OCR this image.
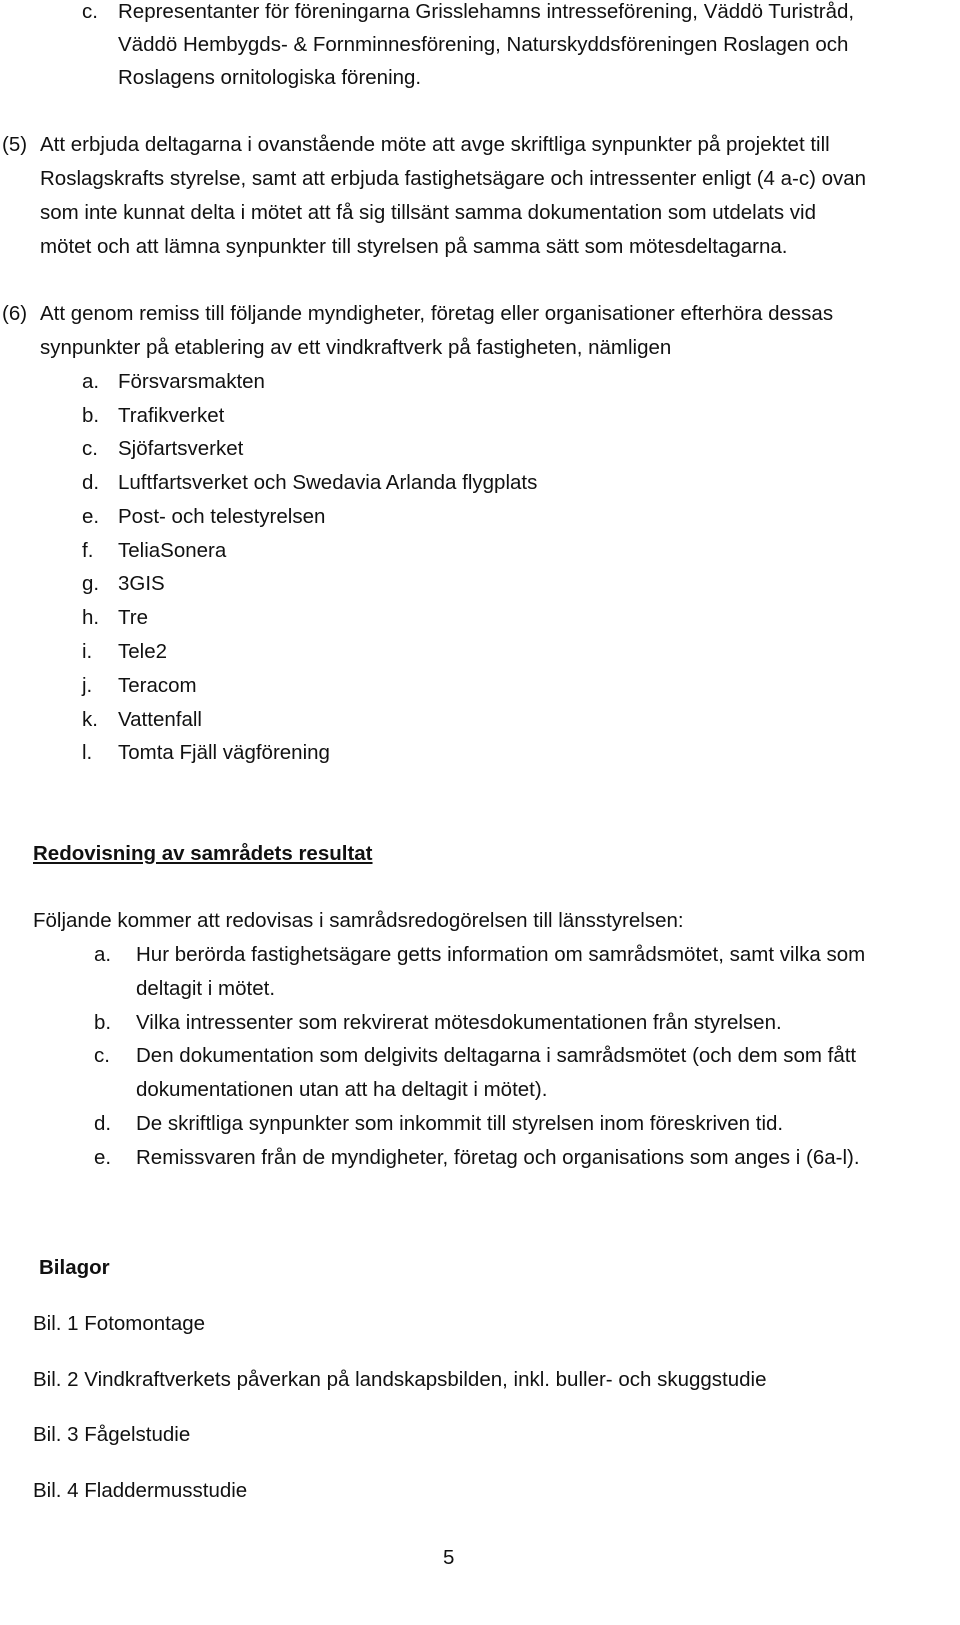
c. Representanter för föreningarna Grisslehamns intresseförening, Väddö Turistråd,
Väddö Hembygds- & Fornminnesförening, Naturskyddsföreningen Roslagen och
Roslagens ornitologiska förening.
(5) Att erbjuda deltagarna i ovanstående möte att avge skriftliga synpunkter på projektet till
Roslagskrafts styrelse, samt att erbjuda fastighetsägare och intressenter enligt (4 a-c) ovan
som inte kunnat delta i mötet att få sig tillsänt samma dokumentation som utdelats vid
mötet och att lämna synpunkter till styrelsen på samma sätt som mötesdeltagarna.
(6) Att genom remiss till följande myndigheter, företag eller organisationer efterhöra dessas
synpunkter på etablering av ett vindkraftverk på fastigheten, nämligen
a. Försvarsmakten
b. Trafikverket
c. Sjöfartsverket
d. Luftfartsverket och Swedavia Arlanda flygplats
e. Post- och telestyrelsen
f. TeliaSonera
g. 3GIS
h. Tre
i. Tele2
j. Teracom
k. Vattenfall
l. Tomta Fjäll vägförening
Redovisning av samrådets resultat
Följande kommer att redovisas i samrådsredogörelsen till länsstyrelsen:
a. Hur berörda fastighetsägare getts information om samrådsmötet, samt vilka som
deltagit i mötet.
b. Vilka intressenter som rekvirerat mötesdokumentationen från styrelsen.
c. Den dokumentation som delgivits deltagarna i samrådsmötet (och dem som fått
dokumentationen utan att ha deltagit i mötet).
d. De skriftliga synpunkter som inkommit till styrelsen inom föreskriven tid.
e. Remissvaren från de myndigheter, företag och organisations som anges i (6a-l).
Bilagor
Bil. 1 Fotomontage
Bil. 2 Vindkraftverkets påverkan på landskapsbilden, inkl. buller- och skuggstudie
Bil. 3 Fågelstudie
Bil. 4 Fladdermusstudie
5
